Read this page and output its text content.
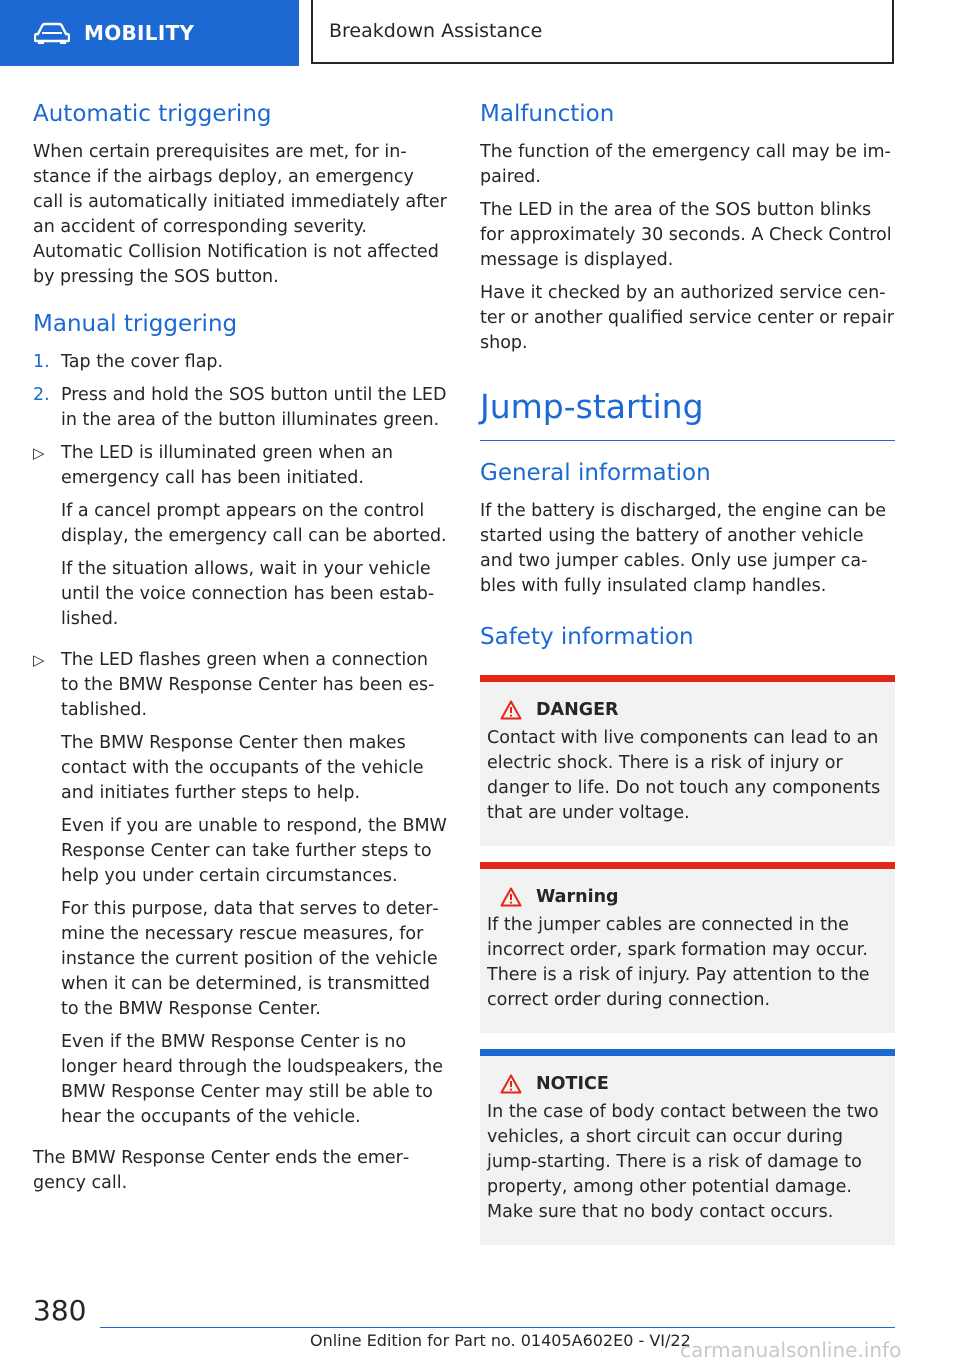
MOBILITY	Breakdown Assistance
Automatic triggering

When certain prerequisites are met, for instance if the airbags deploy, an emergency call is automatically initiated immediately after an accident of corresponding severity. Automatic Collision Notification is not affected by pressing the SOS button.

Manual triggering
1. Tap the cover flap.
2. Press and hold the SOS button until the LED in the area of the button illuminates green.
▷ The LED is illuminated green when an emergency call has been initiated.

If a cancel prompt appears on the control display, the emergency call can be aborted.

If the situation allows, wait in your vehicle until the voice connection has been established.

▷ The LED flashes green when a connection to the BMW Response Center has been established.

The BMW Response Center then makes contact with the occupants of the vehicle and initiates further steps to help.

Even if you are unable to respond, the BMW Response Center can take further steps to help you under certain circumstances.

For this purpose, data that serves to determine the necessary rescue measures, for instance the current position of the vehicle when it can be determined, is transmitted to the BMW Response Center.

Even if the BMW Response Center is no longer heard through the loudspeakers, the BMW Response Center may still be able to hear the occupants of the vehicle.

The BMW Response Center ends the emergency call.

Malfunction

The function of the emergency call may be impaired.

The LED in the area of the SOS button blinks for approximately 30 seconds. A Check Control message is displayed.

Have it checked by an authorized service center or another qualified service center or repair shop.

Jump-starting
General information

If the battery is discharged, the engine can be started using the battery of another vehicle and two jumper cables. Only use jumper cables with fully insulated clamp handles.

Safety information
DANGER

Contact with live components can lead to an electric shock. There is a risk of injury or danger to life. Do not touch any components that are under voltage.

Warning

If the jumper cables are connected in the incorrect order, spark formation may occur. There is a risk of injury. Pay attention to the correct order during connection.

NOTICE

In the case of body contact between the two vehicles, a short circuit can occur during jump-starting. There is a risk of damage to property, among other potential damage. Make sure that no body contact occurs.

380
Online Edition for Part no. 01405A602E0 - VI/22
carmanualsonline.info
